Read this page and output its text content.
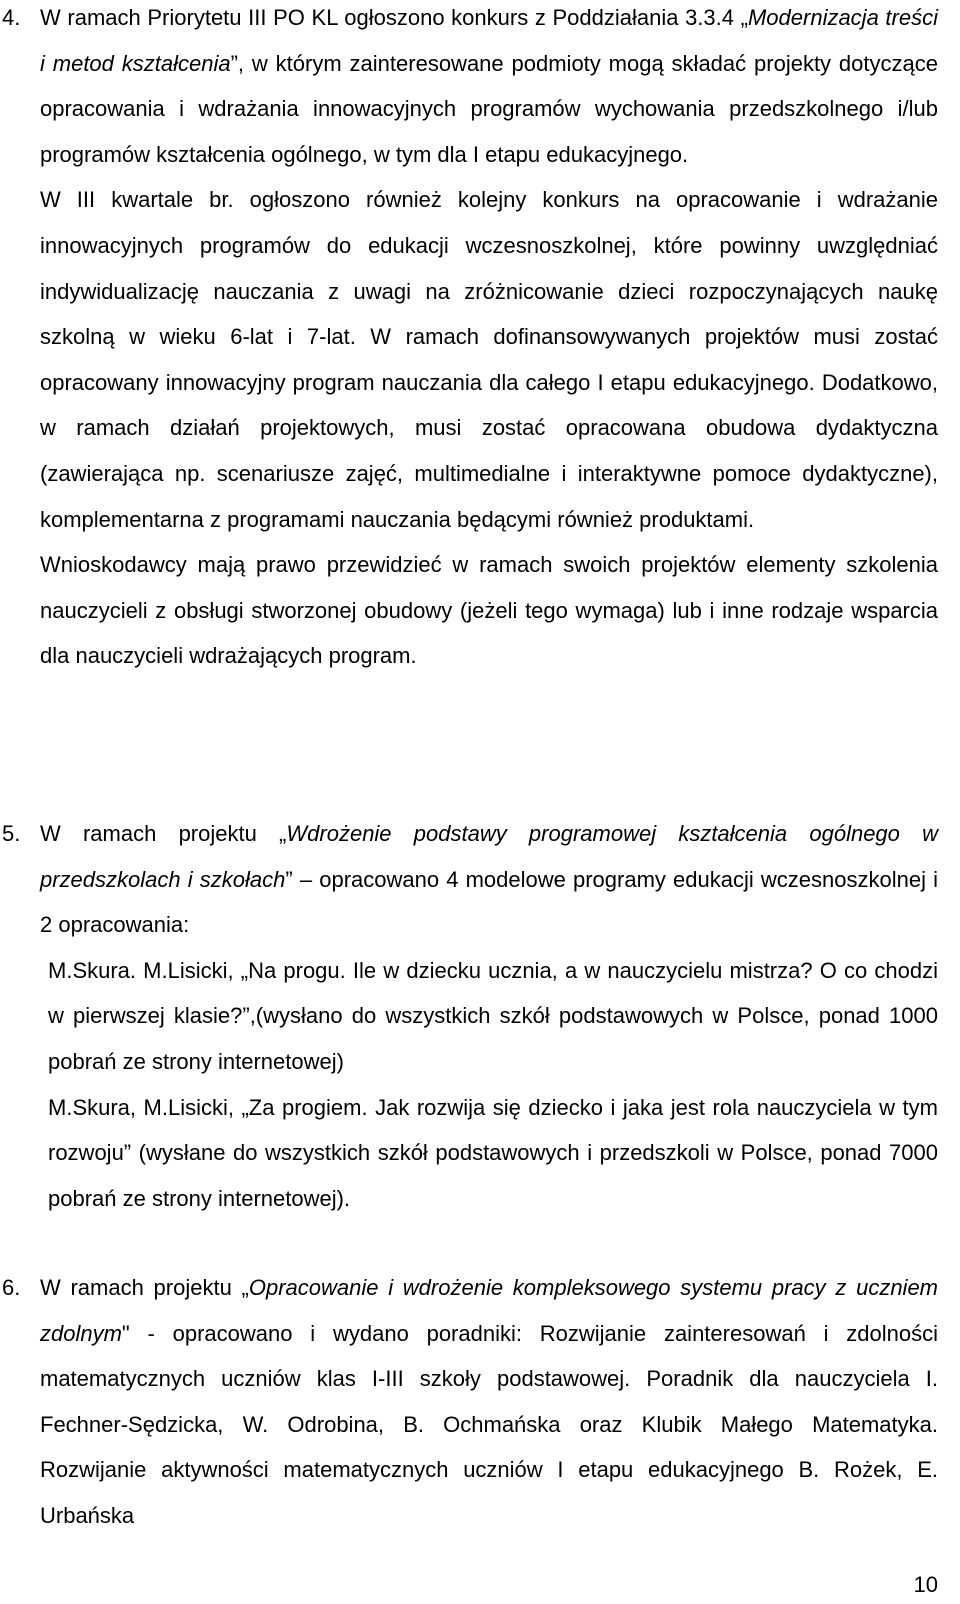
4. W ramach Priorytetu III PO KL ogłoszono konkurs z Poddziałania 3.3.4 „Modernizacja treści i metod kształcenia”, w którym zainteresowane podmioty mogą składać projekty dotyczące opracowania i wdrażania innowacyjnych programów wychowania przedszkolnego i/lub programów kształcenia ogólnego, w tym dla I etapu edukacyjnego.

W III kwartale br. ogłoszono również kolejny konkurs na opracowanie i wdrażanie innowacyjnych programów do edukacji wczesnoszkolnej, które powinny uwzględniać indywidualizację nauczania z uwagi na zróżnicowanie dzieci rozpoczynających naukę szkolną w wieku 6-lat i 7-lat. W ramach dofinansowywanych projektów musi zostać opracowany innowacyjny program nauczania dla całego I etapu edukacyjnego. Dodatkowo, w ramach działań projektowych, musi zostać opracowana obudowa dydaktyczna (zawierająca np. scenariusze zajęć, multimedialne i interaktywne pomoce dydaktyczne), komplementarna z programami nauczania będącymi również produktami.

Wnioskodawcy mają prawo przewidzieć w ramach swoich projektów elementy szkolenia nauczycieli z obsługi stworzonej obudowy (jeżeli tego wymaga) lub i inne rodzaje wsparcia dla nauczycieli wdrażających program.

5. W ramach projektu „Wdrożenie podstawy programowej kształcenia ogólnego w przedszkolach i szkołach” – opracowano 4 modelowe programy edukacji wczesnoszkolnej i 2 opracowania:

M.Skura. M.Lisicki, „Na progu. Ile w dziecku ucznia, a w nauczycielu mistrza? O co chodzi w pierwszej klasie?”,(wysłano do wszystkich szkół podstawowych w Polsce, ponad 1000 pobrań ze strony internetowej)
M.Skura, M.Lisicki, „Za progiem. Jak rozwija się dziecko i jaka jest rola nauczyciela w tym rozwoju” (wysłane do wszystkich szkół podstawowych i przedszkoli w Polsce, ponad 7000 pobrań ze strony internetowej).
6. W ramach projektu „Opracowanie i wdrożenie kompleksowego systemu pracy z uczniem zdolnym" - opracowano i wydano poradniki: Rozwijanie zainteresowań i zdolności matematycznych uczniów klas I-III szkoły podstawowej. Poradnik dla nauczyciela I. Fechner-Sędzicka, W. Odrobina, B. Ochmańska oraz Klubik Małego Matematyka. Rozwijanie aktywności matematycznych uczniów I etapu edukacyjnego B. Rożek, E. Urbańska

10
